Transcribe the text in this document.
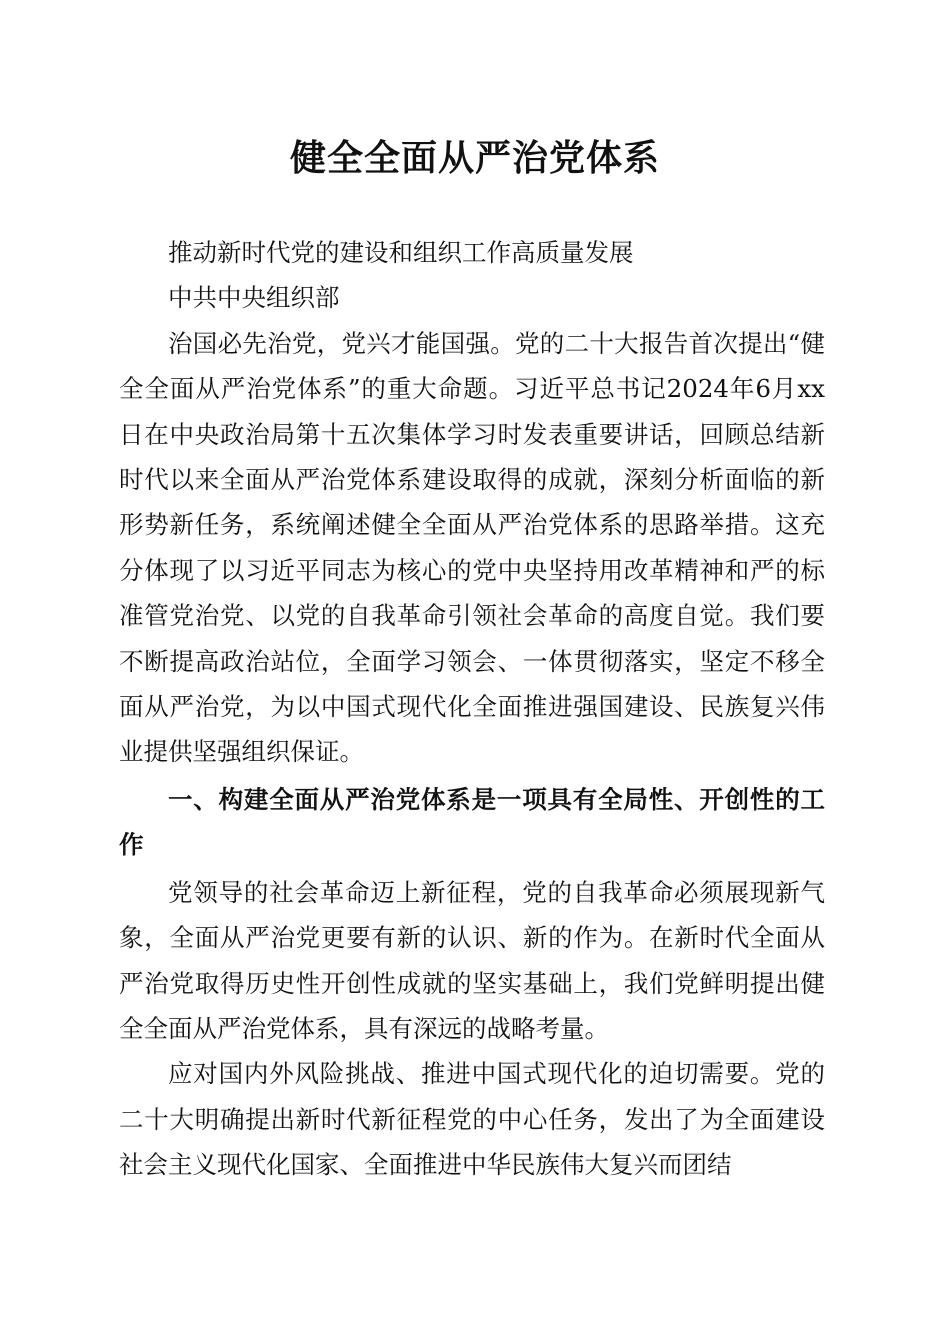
健全全面从严治党体系

推动新时代党的建设和组织工作高质量发展

中共中央组织部

治国必先治党，党兴才能国强。党的二十大报告首次提出“健全全面从严治党体系”的重大命题。习近平总书记2024年6月xx日在中央政治局第十五次集体学习时发表重要讲话，回顾总结新时代以来全面从严治党体系建设取得的成就，深刻分析面临的新形势新任务，系统阐述健全全面从严治党体系的思路举措。这充分体现了以习近平同志为核心的党中央坚持用改革精神和严的标准管党治党、以党的自我革命引领社会革命的高度自觉。我们要不断提高政治站位，全面学习领会、一体贯彻落实，坚定不移全面从严治党，为以中国式现代化全面推进强国建设、民族复兴伟业提供坚强组织保证。

一、构建全面从严治党体系是一项具有全局性、开创性的工作

党领导的社会革命迈上新征程，党的自我革命必须展现新气象，全面从严治党更要有新的认识、新的作为。在新时代全面从严治党取得历史性开创性成就的坚实基础上，我们党鲜明提出健全全面从严治党体系，具有深远的战略考量。

应对国内外风险挑战、推进中国式现代化的迫切需要。党的二十大明确提出新时代新征程党的中心任务，发出了为全面建设社会主义现代化国家、全面推进中华民族伟大复兴而团结
